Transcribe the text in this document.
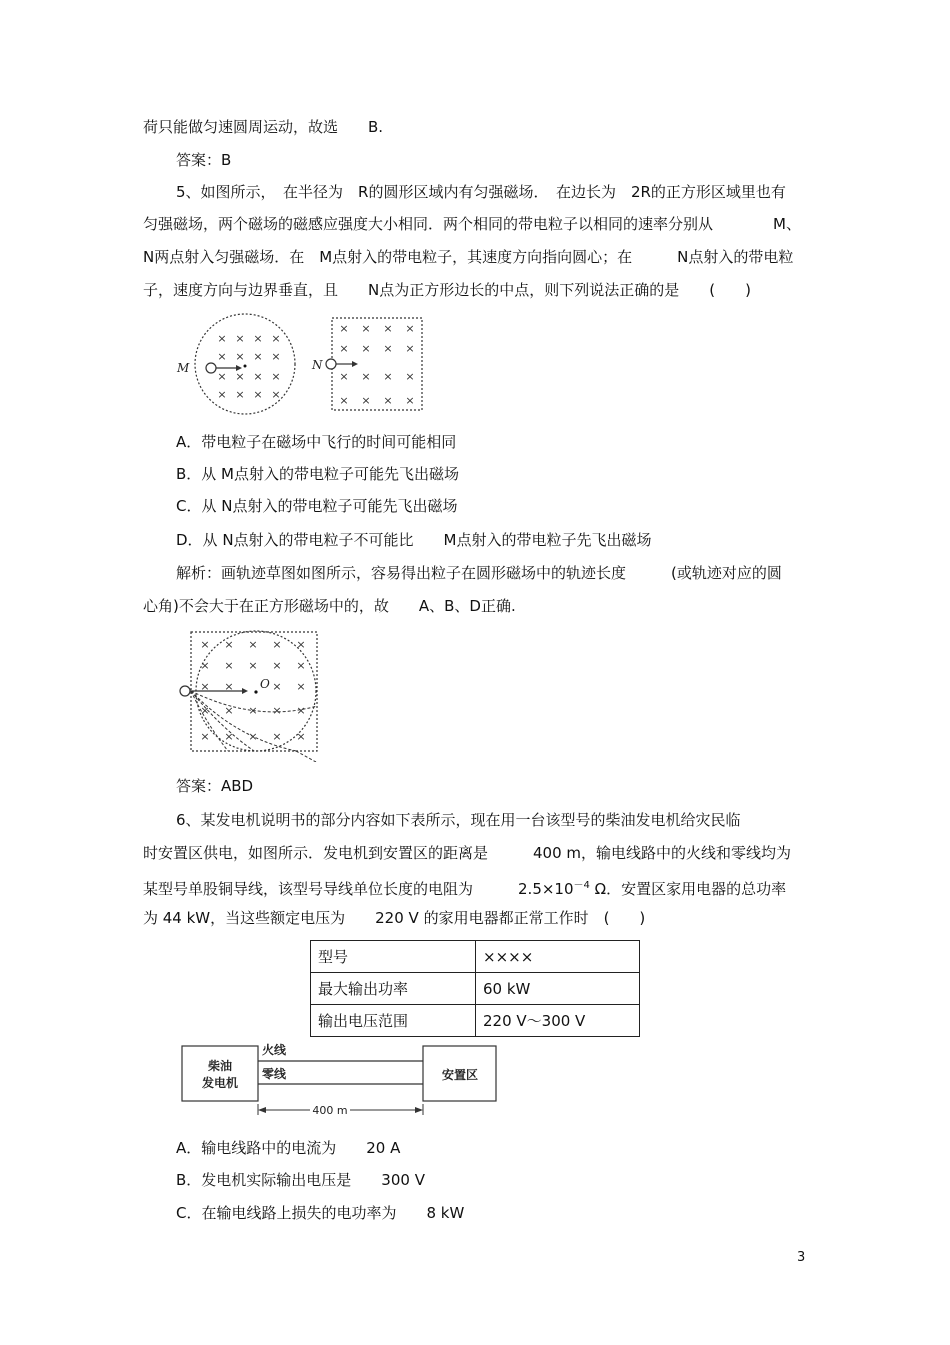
荷只能做匀速圆周运动，故选　　B.
答案：B
5、如图所示，　在半径为　R的圆形区域内有匀强磁场．　在边长为　2R的正方形区域里也有
匀强磁场，两个磁场的磁感应强度大小相同．两个相同的带电粒子以相同的速率分别从　　　　M、
N两点射入匀强磁场．在　M点射入的带电粒子，其速度方向指向圆心；在　　　N点射入的带电粒
子，速度方向与边界垂直，且　　N点为正方形边长的中点，则下列说法正确的是　　(　　)
× × × ×
× × × ×
× × × ×
× × × ×
M
× × × ×
× × × ×
× × × ×
× × × ×
N
A．带电粒子在磁场中飞行的时间可能相同
B．从 M点射入的带电粒子可能先飞出磁场
C．从 N点射入的带电粒子可能先飞出磁场
D．从 N点射入的带电粒子不可能比　　M点射入的带电粒子先飞出磁场
解析：画轨迹草图如图所示，容易得出粒子在圆形磁场中的轨迹长度　　　(或轨迹对应的圆
心角)不会大于在正方形磁场中的，故　　A、B、D正确.
× × × × ×
× × × × ×
× ×	× ×
× × × × ×
× × × × ×
O
答案：ABD
6、某发电机说明书的部分内容如下表所示，现在用一台该型号的柴油发电机给灾民临
时安置区供电，如图所示．发电机到安置区的距离是　　　400 m，输电线路中的火线和零线均为
某型号单股铜导线，该型号导线单位长度的电阻为　　　$2.5\times 10^{-4}$ Ω．安置区家用电器的总功率
为 44 kW，当这些额定电压为　　220 V 的家用电器都正常工作时　(　　)
型号	××××
最大输出功率	60 kW
输出电压范围	220 V～300 V
柴油
发电机
火线
零线	安置区
400 m
A．输电线路中的电流为　　20 A
B．发电机实际输出电压是　　300 V
C．在输电线路上损失的电功率为　　8 kW
3
